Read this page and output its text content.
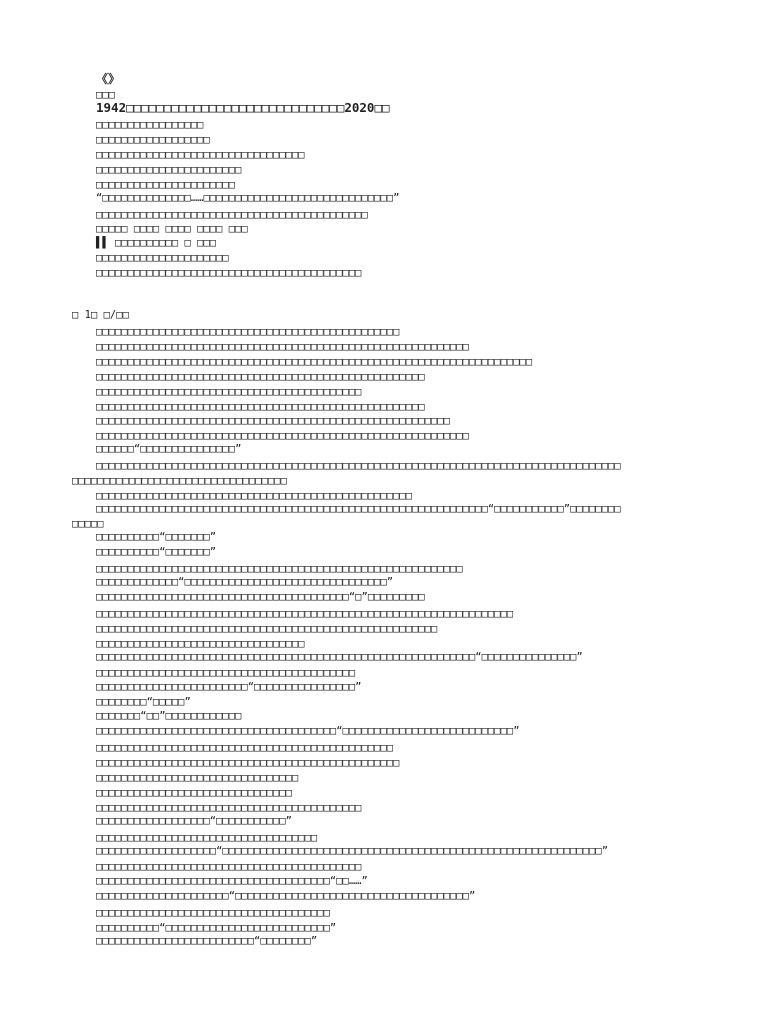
《》
□□□
1942□□□□□□□□□□□□□□□□□□□□□□□□□□□□□2020□□
□□□□□□□□□□□□□□□□□
□□□□□□□□□□□□□□□□□□
□□□□□□□□□□□□□□□□□□□□□□□□□□□□□□□□□
□□□□□□□□□□□□□□□□□□□□□□□
□□□□□□□□□□□□□□□□□□□□□□
“□□□□□□□□□□□□□□……□□□□□□□□□□□□□□□□□□□□□□□□□□□□□□”
□□□□□□□□□□□□□□□□□□□□□□□□□□□□□□□□□□□□□□□□□□□
□□□□□ □□□□ □□□□ □□□□ □□□
▌▌ □□□□□□□□□□ □ □□□
□□□□□□□□□□□□□□□□□□□□□
□□□□□□□□□□□□□□□□□□□□□□□□□□□□□□□□□□□□□□□□□□
□ 1□ □/□□
□□□□□□□□□□□□□□□□□□□□□□□□□□□□□□□□□□□□□□□□□□□□□□□□
□□□□□□□□□□□□□□□□□□□□□□□□□□□□□□□□□□□□□□□□□□□□□□□□□□□□□□□□□□□
□□□□□□□□□□□□□□□□□□□□□□□□□□□□□□□□□□□□□□□□□□□□□□□□□□□□□□□□□□□□□□□□□□□□□
□□□□□□□□□□□□□□□□□□□□□□□□□□□□□□□□□□□□□□□□□□□□□□□□□□□□
□□□□□□□□□□□□□□□□□□□□□□□□□□□□□□□□□□□□□□□□□□
□□□□□□□□□□□□□□□□□□□□□□□□□□□□□□□□□□□□□□□□□□□□□□□□□□□□
□□□□□□□□□□□□□□□□□□□□□□□□□□□□□□□□□□□□□□□□□□□□□□□□□□□□□□□□
□□□□□□□□□□□□□□□□□□□□□□□□□□□□□□□□□□□□□□□□□□□□□□□□□□□□□□□□□□□
□□□□□□“□□□□□□□□□□□□□□□”
□□□□□□□□□□□□□□□□□□□□□□□□□□□□□□□□□□□□□□□□□□□□□□□□□□□□□□□□□□□□□□□□□□□□□□□□□□□□□□□□□□□
□□□□□□□□□□□□□□□□□□□□□□□□□□□□□□□□□□
□□□□□□□□□□□□□□□□□□□□□□□□□□□□□□□□□□□□□□□□□□□□□□□□□□
□□□□□□□□□□□□□□□□□□□□□□□□□□□□□□□□□□□□□□□□□□□□□□□□□□□□□□□□□□□□□□“□□□□□□□□□□□”□□□□□□□□
□□□□□
□□□□□□□□□□“□□□□□□□”
□□□□□□□□□□“□□□□□□□”
□□□□□□□□□□□□□□□□□□□□□□□□□□□□□□□□□□□□□□□□□□□□□□□□□□□□□□□□□□
□□□□□□□□□□□□□“□□□□□□□□□□□□□□□□□□□□□□□□□□□□□□□□”
□□□□□□□□□□□□□□□□□□□□□□□□□□□□□□□□□□□□□□□□“□”□□□□□□□□□
□□□□□□□□□□□□□□□□□□□□□□□□□□□□□□□□□□□□□□□□□□□□□□□□□□□□□□□□□□□□□□□□□□
□□□□□□□□□□□□□□□□□□□□□□□□□□□□□□□□□□□□□□□□□□□□□□□□□□□□□□
□□□□□□□□□□□□□□□□□□□□□□□□□□□□□□□□□
□□□□□□□□□□□□□□□□□□□□□□□□□□□□□□□□□□□□□□□□□□□□□□□□□□□□□□□□□□□□“□□□□□□□□□□□□□□□”
□□□□□□□□□□□□□□□□□□□□□□□□□□□□□□□□□□□□□□□□□
□□□□□□□□□□□□□□□□□□□□□□□□“□□□□□□□□□□□□□□□□”
□□□□□□□□“□□□□□”
□□□□□□□“□□”□□□□□□□□□□□□
□□□□□□□□□□□□□□□□□□□□□□□□□□□□□□□□□□□□□□“□□□□□□□□□□□□□□□□□□□□□□□□□□□”
□□□□□□□□□□□□□□□□□□□□□□□□□□□□□□□□□□□□□□□□□□□□□□□
□□□□□□□□□□□□□□□□□□□□□□□□□□□□□□□□□□□□□□□□□□□□□□□□
□□□□□□□□□□□□□□□□□□□□□□□□□□□□□□□□
□□□□□□□□□□□□□□□□□□□□□□□□□□□□□□□
□□□□□□□□□□□□□□□□□□□□□□□□□□□□□□□□□□□□□□□□□□
□□□□□□□□□□□□□□□□□□“□□□□□□□□□□□”
□□□□□□□□□□□□□□□□□□□□□□□□□□□□□□□□□□□
□□□□□□□□□□□□□□□□□□□“□□□□□□□□□□□□□□□□□□□□□□□□□□□□□□□□□□□□□□□□□□□□□□□□□□□□□□□□□□□□”
□□□□□□□□□□□□□□□□□□□□□□□□□□□□□□□□□□□□□□□□□□
□□□□□□□□□□□□□□□□□□□□□□□□□□□□□□□□□□□□□“□□……”
□□□□□□□□□□□□□□□□□□□□□“□□□□□□□□□□□□□□□□□□□□□□□□□□□□□□□□□□□□□”
□□□□□□□□□□□□□□□□□□□□□□□□□□□□□□□□□□□□□
□□□□□□□□□□“□□□□□□□□□□□□□□□□□□□□□□□□□□”
□□□□□□□□□□□□□□□□□□□□□□□□□“□□□□□□□□”
